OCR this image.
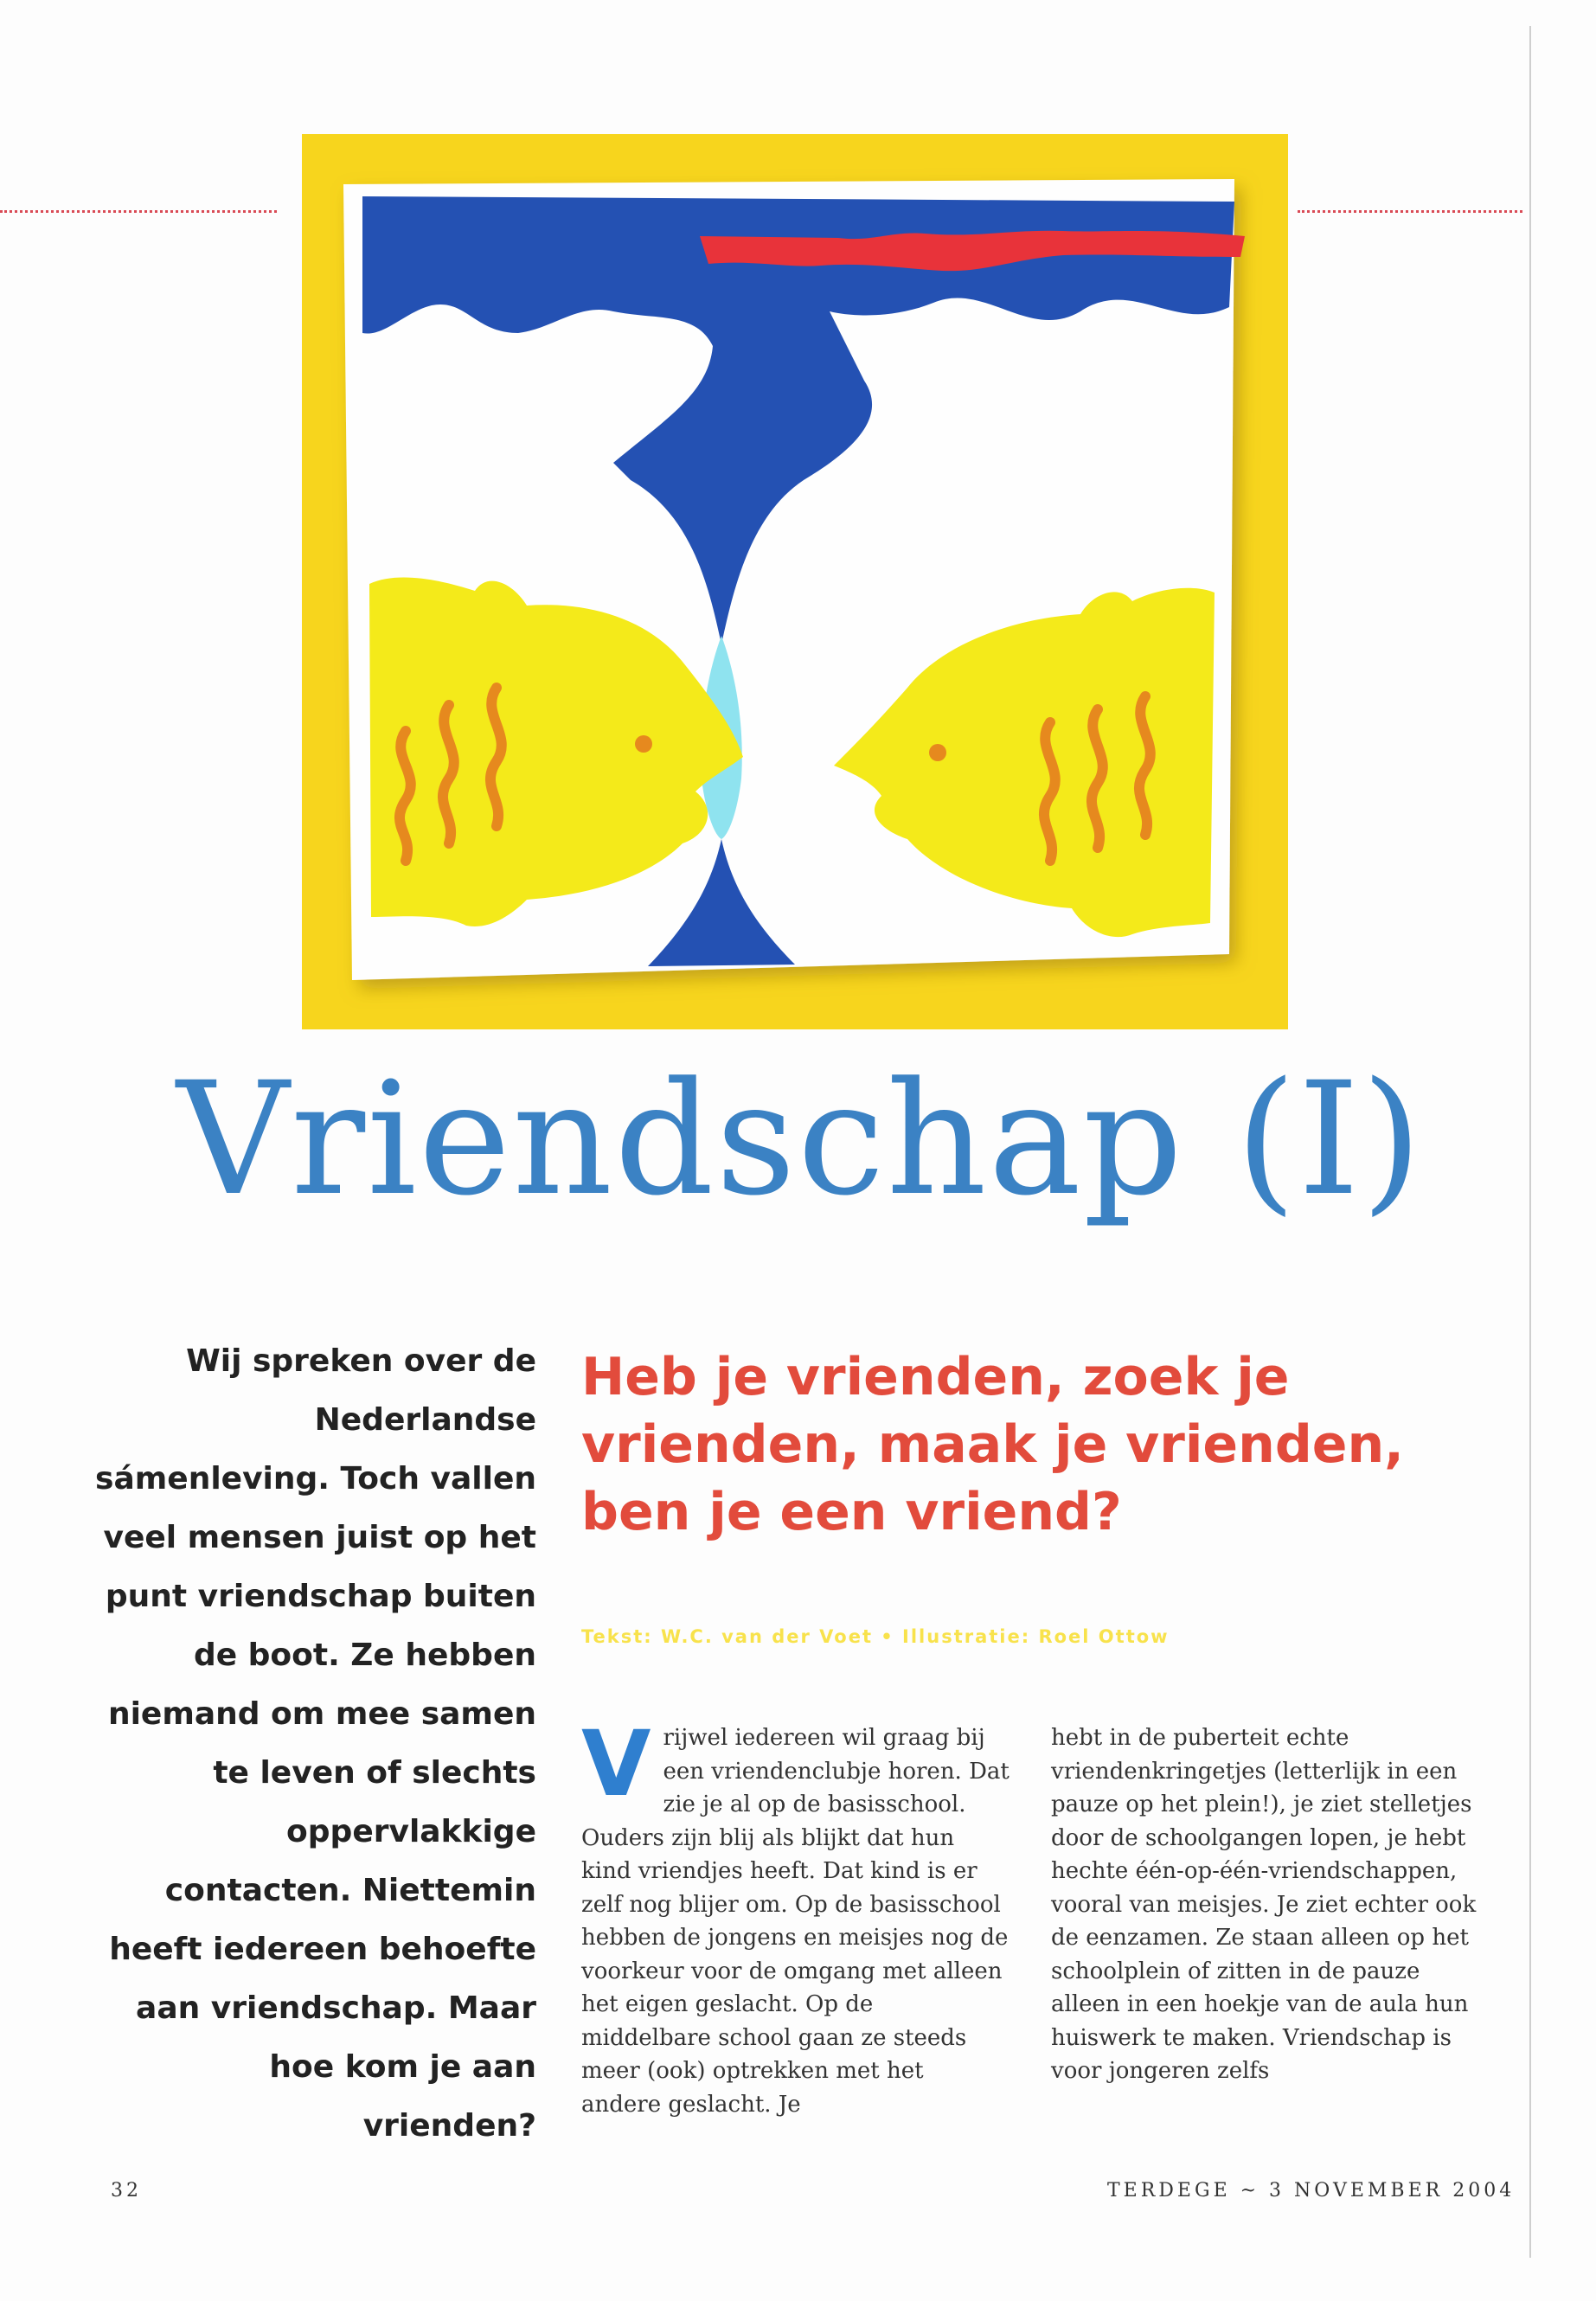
Vriendschap (I)

Wij spreken over de Nederlandse sámenleving. Toch vallen veel mensen juist op het punt vriendschap buiten de boot. Ze hebben niemand om mee samen te leven of slechts oppervlakkige contacten. Niettemin heeft iedereen behoefte aan vriendschap. Maar hoe kom je aan vrienden?

Heb je vrienden, zoek je vrienden, maak je vrienden, ben je een vriend?
Tekst: W.C. van der Voet • Illustratie: Roel Ottow
V rijwel iedereen wil graag bij een vriendenclubje horen. Dat zie je al op de basisschool. Ouders zijn blij als blijkt dat hun kind vriendjes heeft. Dat kind is er zelf nog blijer om. Op de basisschool hebben de jongens en meisjes nog de voorkeur voor de omgang met alleen het eigen geslacht. Op de middelbare school gaan ze steeds meer (ook) optrekken met het andere geslacht. Je

hebt in de puberteit echte vriendenkringetjes (letterlijk in een pauze op het plein!), je ziet stelletjes door de schoolgangen lopen, je hebt hechte één-op-één-vriendschappen, vooral van meisjes. Je ziet echter ook de eenzamen. Ze staan alleen op het schoolplein of zitten in de pauze alleen in een hoekje van de aula hun huiswerk te maken. Vriendschap is voor jongeren zelfs

32	TERDEGE ~ 3 NOVEMBER 2004
